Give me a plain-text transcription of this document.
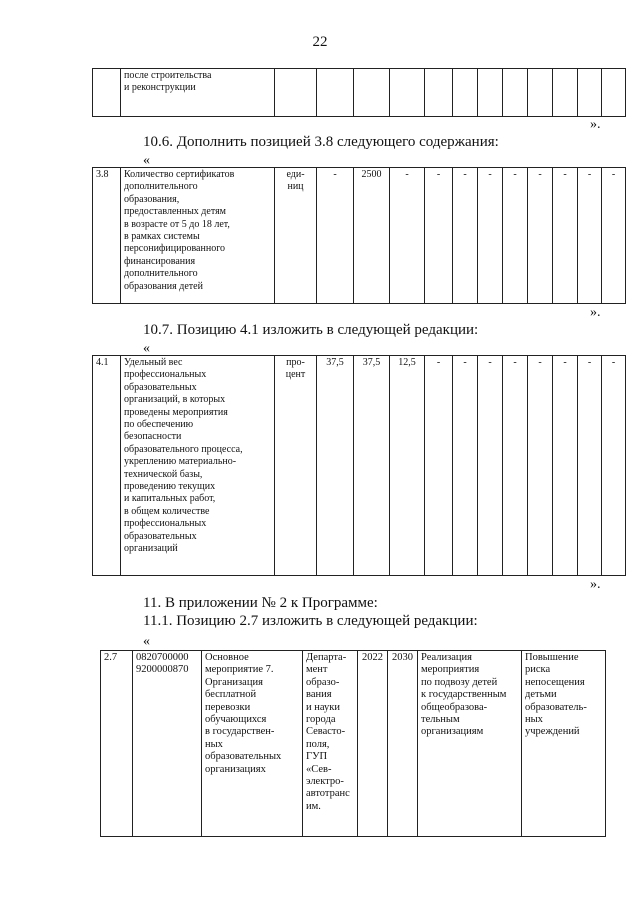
22
	после строительства
и реконструкции												
».
10.6. Дополнить позицией 3.8 следующего содержания:
«
3.8	Количество сертификатов
дополнительного
образования,
предоставленных детям
в возрасте от 5 до 18 лет,
в рамках системы
персонифицированного
финансирования
дополнительного
образования детей	еди-
ниц	-	2500	-	-	-	-	-	-	-	-	-
».
10.7. Позицию 4.1 изложить в следующей редакции:
«
4.1	Удельный вес
профессиональных
образовательных
организаций, в которых
проведены мероприятия
по обеспечению
безопасности
образовательного процесса,
укреплению материально-
технической базы,
проведению текущих
и капитальных работ,
в общем количестве
профессиональных
образовательных
организаций	про-
цент	37,5	37,5	12,5	-	-	-	-	-	-	-	-
».
11. В приложении № 2 к Программе:
11.1. Позицию 2.7 изложить в следующей редакции:
«
2.7	0820700000
9200000870	Основное
мероприятие 7.
Организация
бесплатной
перевозки
обучающихся
в государствен-
ных
образовательных
организациях	Департа-
мент
образо-
вания
и науки
города
Севасто-
поля,
ГУП
«Сев-
электро-
автотранс
им.	2022	2030	Реализация
мероприятия
по подвозу детей
к государственным
общеобразова-
тельным
организациям	Повышение
риска
непосещения
детьми
образователь-
ных
учреждений
